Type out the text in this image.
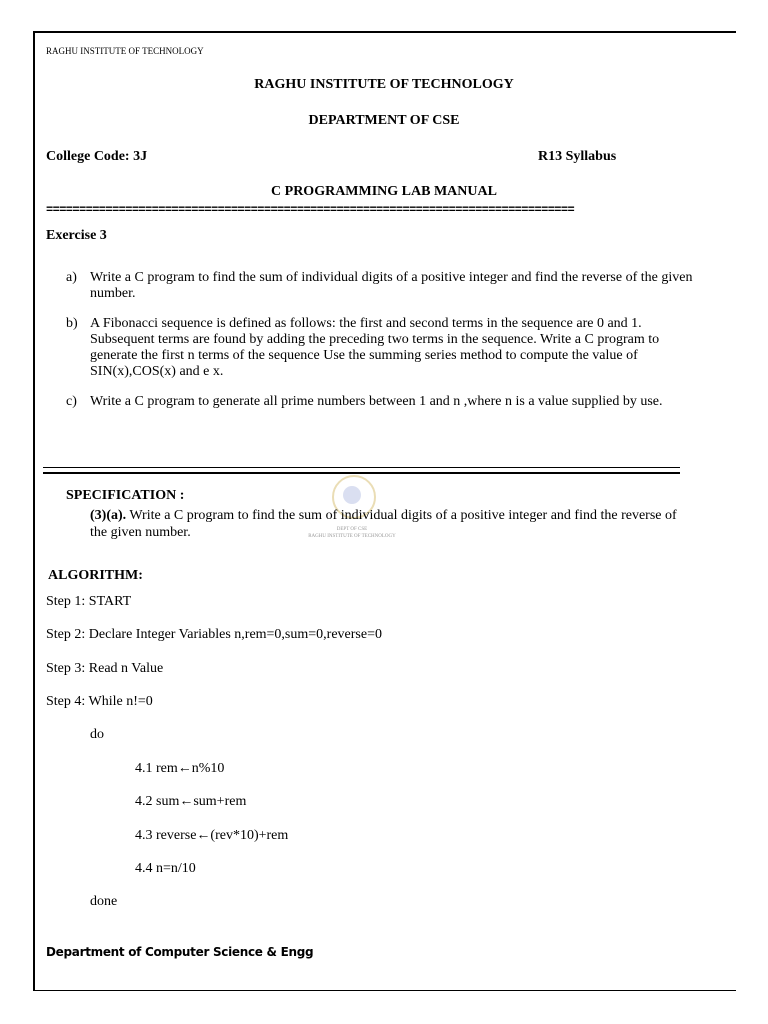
RAGHU INSTITUTE OF TECHNOLOGY
RAGHU INSTITUTE OF TECHNOLOGY
DEPARTMENT OF CSE
College Code: 3J	R13 Syllabus
C PROGRAMMING LAB MANUAL
================================================================================
Exercise 3
a) Write a C program to find the sum of individual digits of a positive integer and find the reverse of the given number.
b) A Fibonacci sequence is defined as follows: the first and second terms in the sequence are 0 and 1. Subsequent terms are found by adding the preceding two terms in the sequence. Write a C program to generate the first n terms of the sequence Use the summing series method to compute the value of SIN(x),COS(x) and e x.
c) Write a C program to generate all prime numbers between 1 and n ,where n is a value supplied by use.
DEPT OF CSE
RAGHU INSTITUTE OF TECHNOLOGY
SPECIFICATION :
(3)(a). Write a C program to find the sum of individual digits of a positive integer and find the reverse of the given number.
ALGORITHM:
Step 1: START
Step 2: Declare Integer Variables n,rem=0,sum=0,reverse=0
Step 3: Read n Value
Step 4: While n!=0
do
4.1 rem←n%10
4.2 sum←sum+rem
4.3 reverse←(rev*10)+rem
4.4 n=n/10
done
Department of Computer Science & Engg
